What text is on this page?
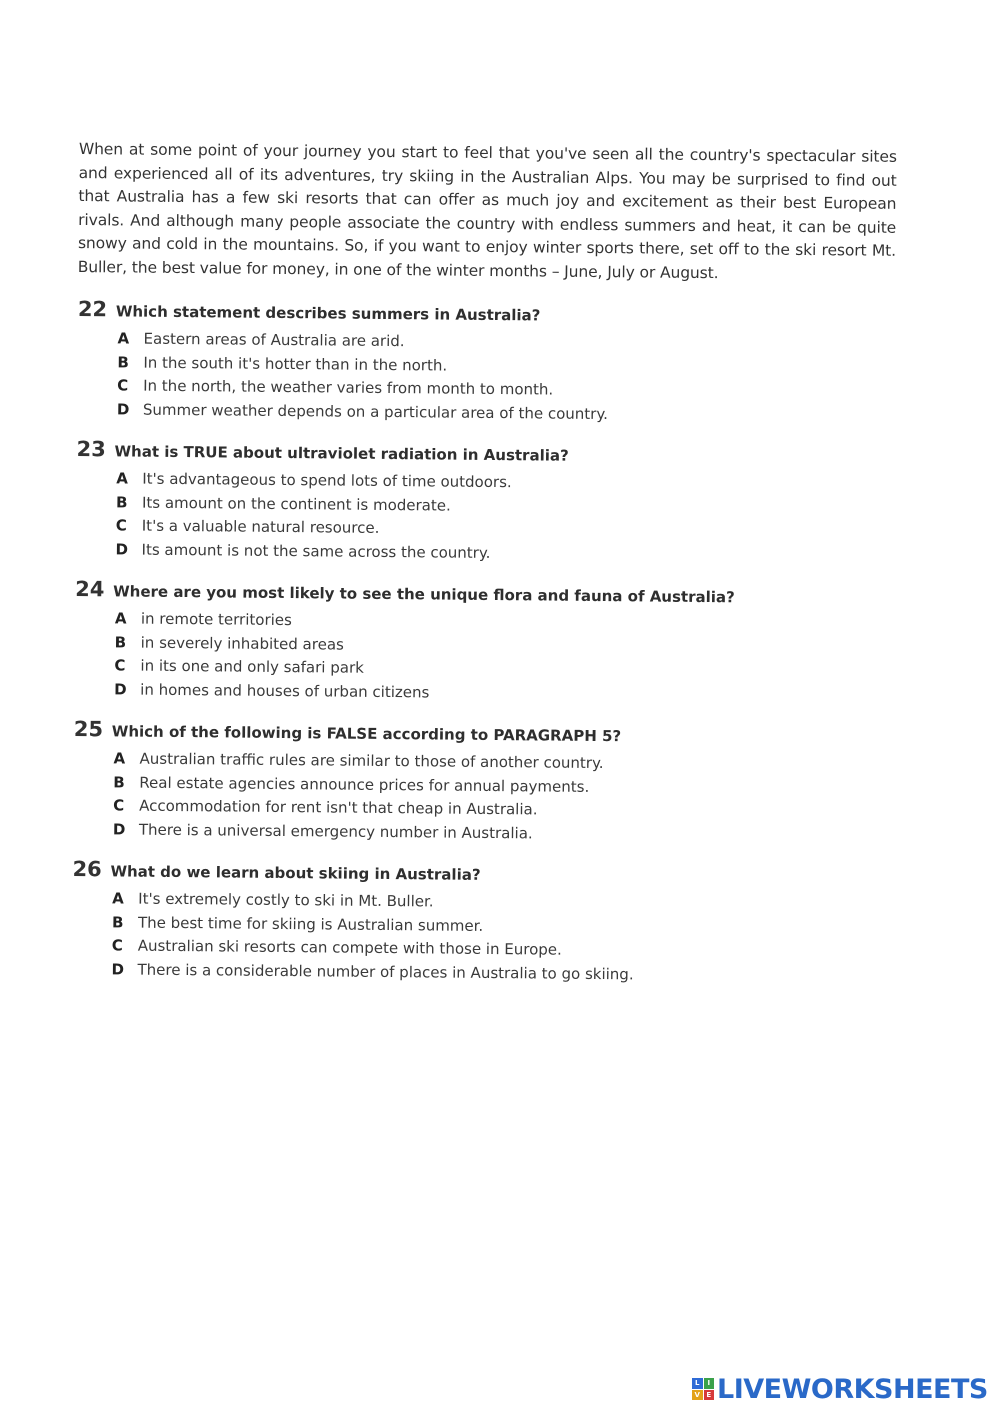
When at some point of your journey you start to feel that you've seen all the country's spectacular sites and experienced all of its adventures, try skiing in the Australian Alps. You may be surprised to find out that Australia has a few ski resorts that can offer as much joy and excitement as their best European rivals. And although many people associate the country with endless summers and heat, it can be quite snowy and cold in the mountains. So, if you want to enjoy winter sports there, set off to the ski resort Mt. Buller, the best value for money, in one of the winter months – June, July or August.

22 Which statement describes summers in Australia?
A Eastern areas of Australia are arid.
B In the south it's hotter than in the north.
C In the north, the weather varies from month to month.
D Summer weather depends on a particular area of the country.
23 What is TRUE about ultraviolet radiation in Australia?
A It's advantageous to spend lots of time outdoors.
B Its amount on the continent is moderate.
C It's a valuable natural resource.
D Its amount is not the same across the country.
24 Where are you most likely to see the unique flora and fauna of Australia?
A in remote territories
B in severely inhabited areas
C in its one and only safari park
D in homes and houses of urban citizens
25 Which of the following is FALSE according to PARAGRAPH 5?
A Australian traffic rules are similar to those of another country.
B Real estate agencies announce prices for annual payments.
C Accommodation for rent isn't that cheap in Australia.
D There is a universal emergency number in Australia.
26 What do we learn about skiing in Australia?
A It's extremely costly to ski in Mt. Buller.
B The best time for skiing is Australian summer.
C Australian ski resorts can compete with those in Europe.
D There is a considerable number of places in Australia to go skiing.
L	I
V E LIVEWORKSHEETS
